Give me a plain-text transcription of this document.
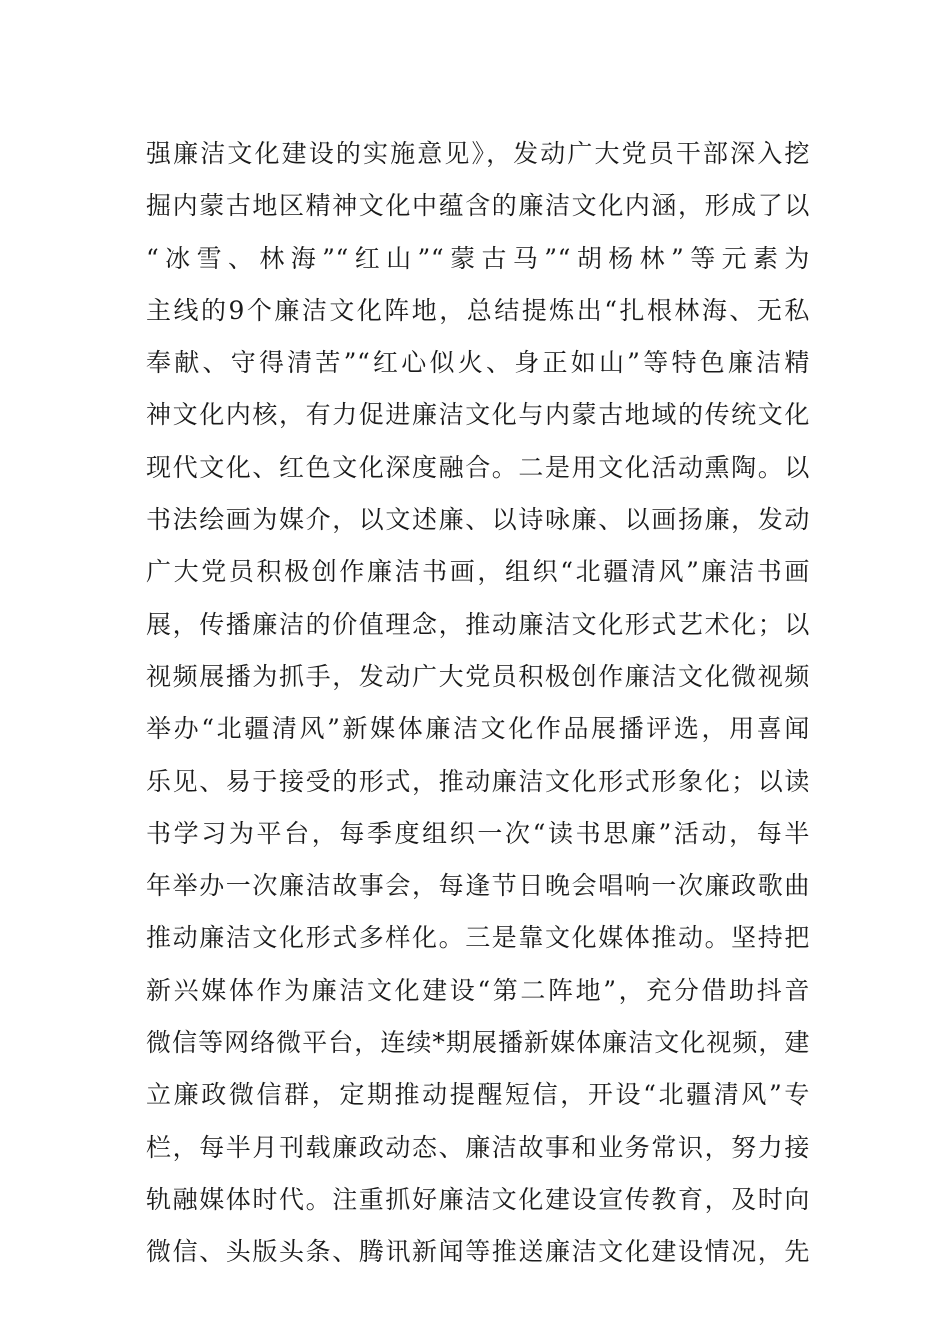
强廉洁文化建设的实施意见》，发动广大党员干部深入挖
掘内蒙古地区精神文化中蕴含的廉洁文化内涵，形成了以
“冰雪、林海”“红山”“蒙古马”“胡杨林”等元素为
主线的9个廉洁文化阵地，总结提炼出“扎根林海、无私
奉献、守得清苦”“红心似火、身正如山”等特色廉洁精
神文化内核，有力促进廉洁文化与内蒙古地域的传统文化
现代文化、红色文化深度融合。二是用文化活动熏陶。以
书法绘画为媒介，以文述廉、以诗咏廉、以画扬廉，发动
广大党员积极创作廉洁书画，组织“北疆清风”廉洁书画
展，传播廉洁的价值理念，推动廉洁文化形式艺术化；以
视频展播为抓手，发动广大党员积极创作廉洁文化微视频
举办“北疆清风”新媒体廉洁文化作品展播评选，用喜闻
乐见、易于接受的形式，推动廉洁文化形式形象化；以读
书学习为平台，每季度组织一次“读书思廉”活动，每半
年举办一次廉洁故事会，每逢节日晚会唱响一次廉政歌曲
推动廉洁文化形式多样化。三是靠文化媒体推动。坚持把
新兴媒体作为廉洁文化建设“第二阵地”，充分借助抖音
微信等网络微平台，连续*期展播新媒体廉洁文化视频，建
立廉政微信群，定期推动提醒短信，开设“北疆清风”专
栏，每半月刊载廉政动态、廉洁故事和业务常识，努力接
轨融媒体时代。注重抓好廉洁文化建设宣传教育，及时向
微信、头版头条、腾讯新闻等推送廉洁文化建设情况，先
